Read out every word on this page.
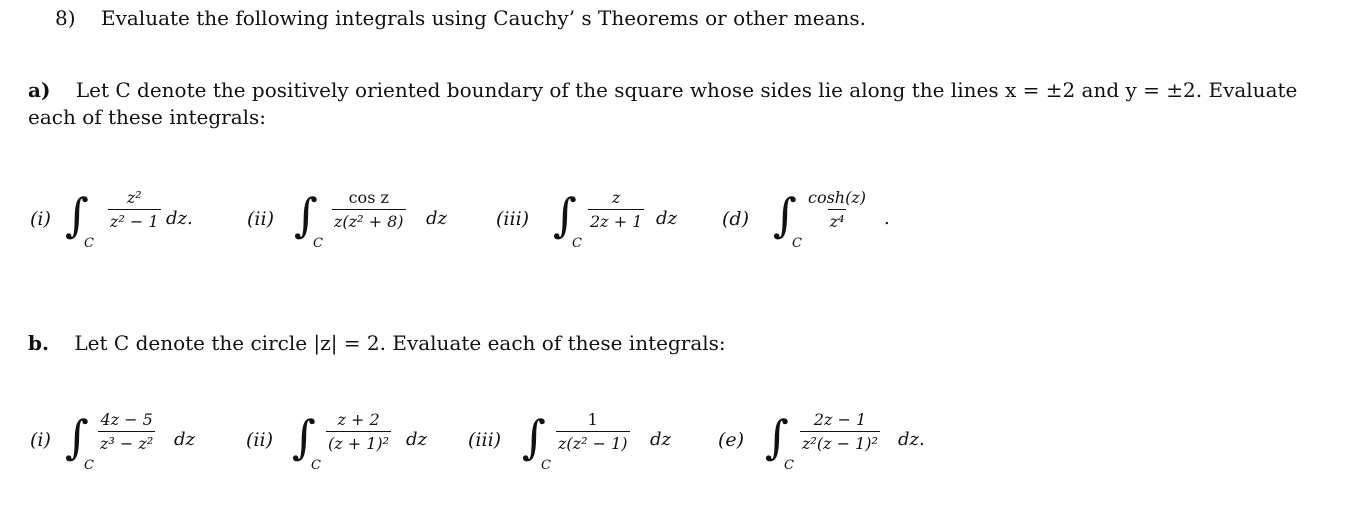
8) Evaluate the following integrals using Cauchy’ s Theorems or other means.
a) Let C denote the positively oriented boundary of the square whose sides lie along the lines x = ±2 and y = ±2. Evaluate
each of these integrals:
(i) ∫
C
$\frac{\text{z²}}{\text{z² − 1}}$ dz.	(ii) ∫
C
$\frac{\text{cos z}}{\text{z(z² + 8)}}$ dz	(iii) ∫
C
$\frac{z}{2z + 1}$ dz (d) ∫
C
$\frac{\cosh(z)}{\text{z⁴}}$ .
b. Let C denote the circle |z| = 2. Evaluate each of these integrals:
(i) ∫
C
$\frac{4z - 5}{\text{z³ − z²}}$ dz	(ii) ∫
C
$\frac{z + 2}{\text{(z + 1)²}}$ dz (iii) ∫
C
$\frac{1}{\text{z(z² − 1)}}$ dz (e) ∫
C
$\frac{2z - 1}{\text{z²(z − 1)²}}$ dz.
